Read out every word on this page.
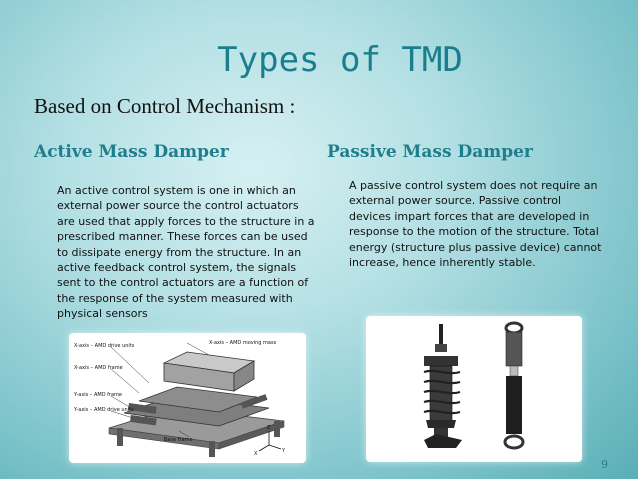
Types of TMD
Based on Control Mechanism :
Active Mass Damper	Passive Mass Damper
An active control system is one in which an external power source the control actuators are used that apply forces to the structure in a prescribed manner. These forces can be used to dissipate energy from the structure. In an active feedback control system, the signals sent to the control actuators are a function of the response of the system measured with physical sensors
A passive control system does not require an external power source. Passive control devices impart forces that are developed in response to the motion of the structure. Total energy (structure plus passive device) cannot increase, hence inherently stable.
X-axis – AMD moving mass
X-axis – AMD drive units
X-axis – AMD frame
Y-axis – AMD frame
Y-axis – AMD drive units
Base frame
Z
X	Y
9
